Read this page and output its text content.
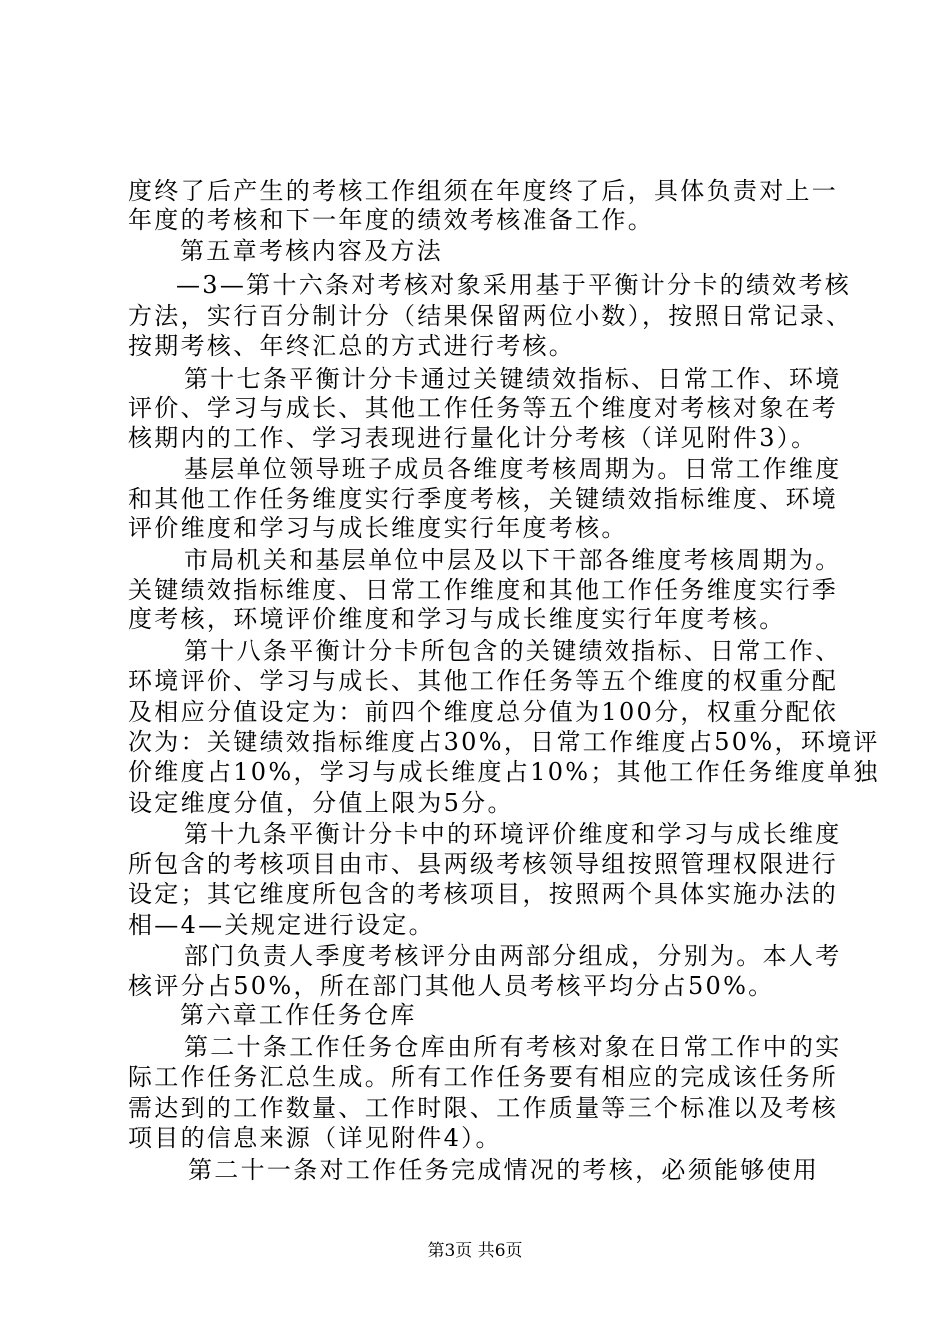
度终了后产生的考核工作组须在年度终了后，具体负责对上一
年度的考核和下一年度的绩效考核准备工作。
第五章考核内容及方法
—3—第十六条对考核对象采用基于平衡计分卡的绩效考核
方法，实行百分制计分（结果保留两位小数），按照日常记录、
按期考核、年终汇总的方式进行考核。
第十七条平衡计分卡通过关键绩效指标、日常工作、环境
评价、学习与成长、其他工作任务等五个维度对考核对象在考
核期内的工作、学习表现进行量化计分考核（详见附件3）。
基层单位领导班子成员各维度考核周期为。日常工作维度
和其他工作任务维度实行季度考核，关键绩效指标维度、环境
评价维度和学习与成长维度实行年度考核。
市局机关和基层单位中层及以下干部各维度考核周期为。
关键绩效指标维度、日常工作维度和其他工作任务维度实行季
度考核，环境评价维度和学习与成长维度实行年度考核。
第十八条平衡计分卡所包含的关键绩效指标、日常工作、
环境评价、学习与成长、其他工作任务等五个维度的权重分配
及相应分值设定为：前四个维度总分值为100分，权重分配依
次为：关键绩效指标维度占30%，日常工作维度占50%，环境评
价维度占10%，学习与成长维度占10%；其他工作任务维度单独
设定维度分值，分值上限为5分。
第十九条平衡计分卡中的环境评价维度和学习与成长维度
所包含的考核项目由市、县两级考核领导组按照管理权限进行
设定；其它维度所包含的考核项目，按照两个具体实施办法的
相—4—关规定进行设定。
部门负责人季度考核评分由两部分组成，分别为。本人考
核评分占50%，所在部门其他人员考核平均分占50%。
第六章工作任务仓库
第二十条工作任务仓库由所有考核对象在日常工作中的实
际工作任务汇总生成。所有工作任务要有相应的完成该任务所
需达到的工作数量、工作时限、工作质量等三个标准以及考核
项目的信息来源（详见附件4）。
第二十一条对工作任务完成情况的考核，必须能够使用
第3页 共6页
